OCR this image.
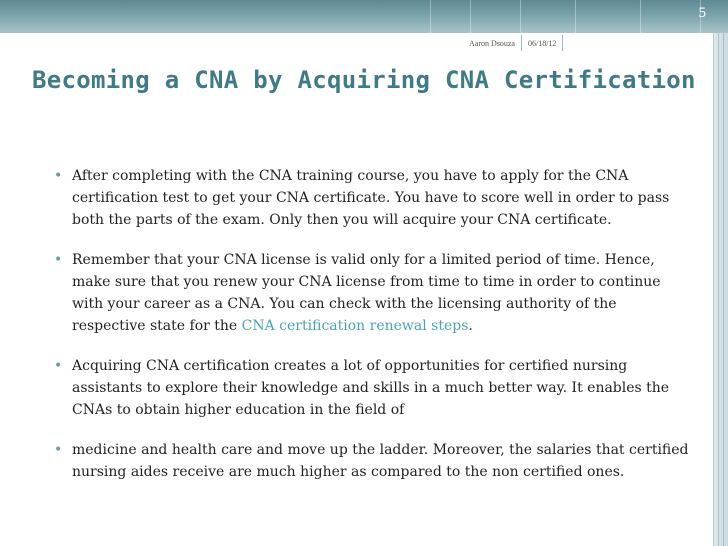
5
Aaron Dsouza	06/18/12
Becoming a CNA by Acquiring CNA Certification
• After completing with the CNA training course, you have to apply for the CNA certification test to get your CNA certificate. You have to score well in order to pass both the parts of the exam. Only then you will acquire your CNA certificate.
• Remember that your CNA license is valid only for a limited period of time. Hence, make sure that you renew your CNA license from time to time in order to continue with your career as a CNA. You can check with the licensing authority of the respective state for the CNA certification renewal steps.
• Acquiring CNA certification creates a lot of opportunities for certified nursing assistants to explore their knowledge and skills in a much better way. It enables the CNAs to obtain higher education in the field of
• medicine and health care and move up the ladder. Moreover, the salaries that certified nursing aides receive are much higher as compared to the non certified ones.
